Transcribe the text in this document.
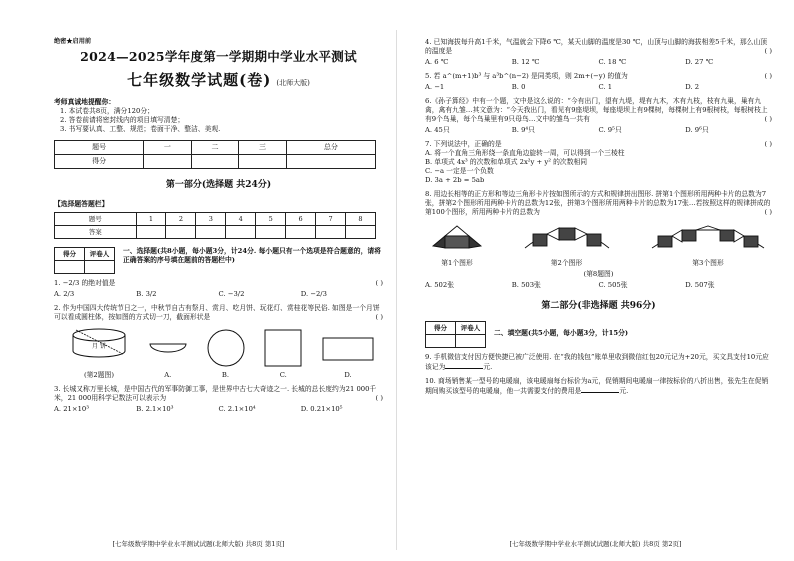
绝密★启用前
2024—2025学年度第一学期期中学业水平测试
七年级数学试题(卷) (北师大版)
考师真诚地提醒你：
1. 本试卷共8页，满分120分；
2. 答卷前请将密封线内的项目填写清楚；
3. 书写要认真、工整、规范；卷面干净、整洁、美观.
题号	一	二	三	总分
得分				
第一部分(选择题 共24分)
【选择题答题栏】
题号	1	2	3	4	5	6	7	8
答案								
得分	评卷人
	一、选择题(共8小题，每小题3分，计24分. 每小题只有一个选项是符合题意的，请将正确答案的序号填在题前的答题栏中)
( )
1. −2/3 的绝对值是
A. 2/3	B. 3/2	C. −3/2	D. −2/3
2. 作为中国四大传统节日之一，中秋节自古有祭月、赏月、吃月饼、玩花灯、赏桂花等民俗. 如图是一个月饼可以看成圆柱体，按如图的方式切一刀，截面形状是	( )
月 饼
(第2题图)	A.	B.	C.	D.
3. 长城又称万里长城，是中国古代的军事防御工事，是世界中古七大奇迹之一. 长城的总长度约为21 000千米，21 000用科学记数法可以表示为	( )
A. 21×10³	B. 2.1×10³	C. 2.1×10⁴	D. 0.21×10⁵
[七年级数学期中学业水平测试试题(北师大版) 共8页 第1页]
4. 已知海拔每升高1千米，气温就会下降6 ℃，某天山脚的温度是30 ℃，山顶与山脚的海拔相差5千米，那么山顶的温度是	( )
A. 6 ℃	B. 12 ℃	C. 18 ℃	D. 27 ℃
( )
5. 若 a^(m+1)b³ 与 a³b^(n−2) 是同类项，则 2m+(−y) 的值为
A. −1	B. 0	C. 1	D. 2
6.《孙子算经》中有一个题，文中是这么说的：“今有出门，望有九堤，堤有九木，木有九枝，枝有九巢，巢有九禽，禽有九雏…其文意为：“今天我出门，看见有9座堤坝，每座堤坝上有9棵树，每棵树上有9根树枝，每根树枝上有9个鸟巢，每个鸟巢里有9只母鸟…文中的雏鸟一共有	( )
A. 45只	B. 9⁴只	C. 9⁵只	D. 9⁶只
( )
7. 下列说法中，正确的是
A. 将一个直角三角形绕一条直角边旋转一周，可以得到一个三棱柱
B. 单项式 4x³ 的次数和单项式 2x²y + y² 的次数相同
C. −a 一定是一个负数
D. 3a + 2b = 5ab
8. 用边长相等的正方形和等边三角形卡片按如图所示的方式和规律拼出图形. 拼第1个图形所用两种卡片的总数为7张，拼第2个图形所用两种卡片的总数为12张，拼第3个图形所用两种卡片的总数为17张…若按照这样的规律拼成的第100个图形，所用两种卡片的总数为	( )
第1个图形	第2个图形	第3个图形
(第8题图)
A. 502张	B. 503张	C. 505张	D. 507张
第二部分(非选择题 共96分)
得分	评卷人

二、填空题(共5小题，每小题3分，计15分)
9. 手机微信支付因方便快捷已被广泛使用. 在“我的钱包”账单里收到微信红包20元记为+20元，买文具支付10元应该记为	元.
10. 商场销售某一型号的电暖扇，该电暖扇每台标价为a元，促销期间电暖扇一律按标价的八折出售，张先生在促销期间购买该型号的电暖扇，他一共需要支付的费用是	元.
[七年级数学期中学业水平测试试题(北师大版) 共8页 第2页]
